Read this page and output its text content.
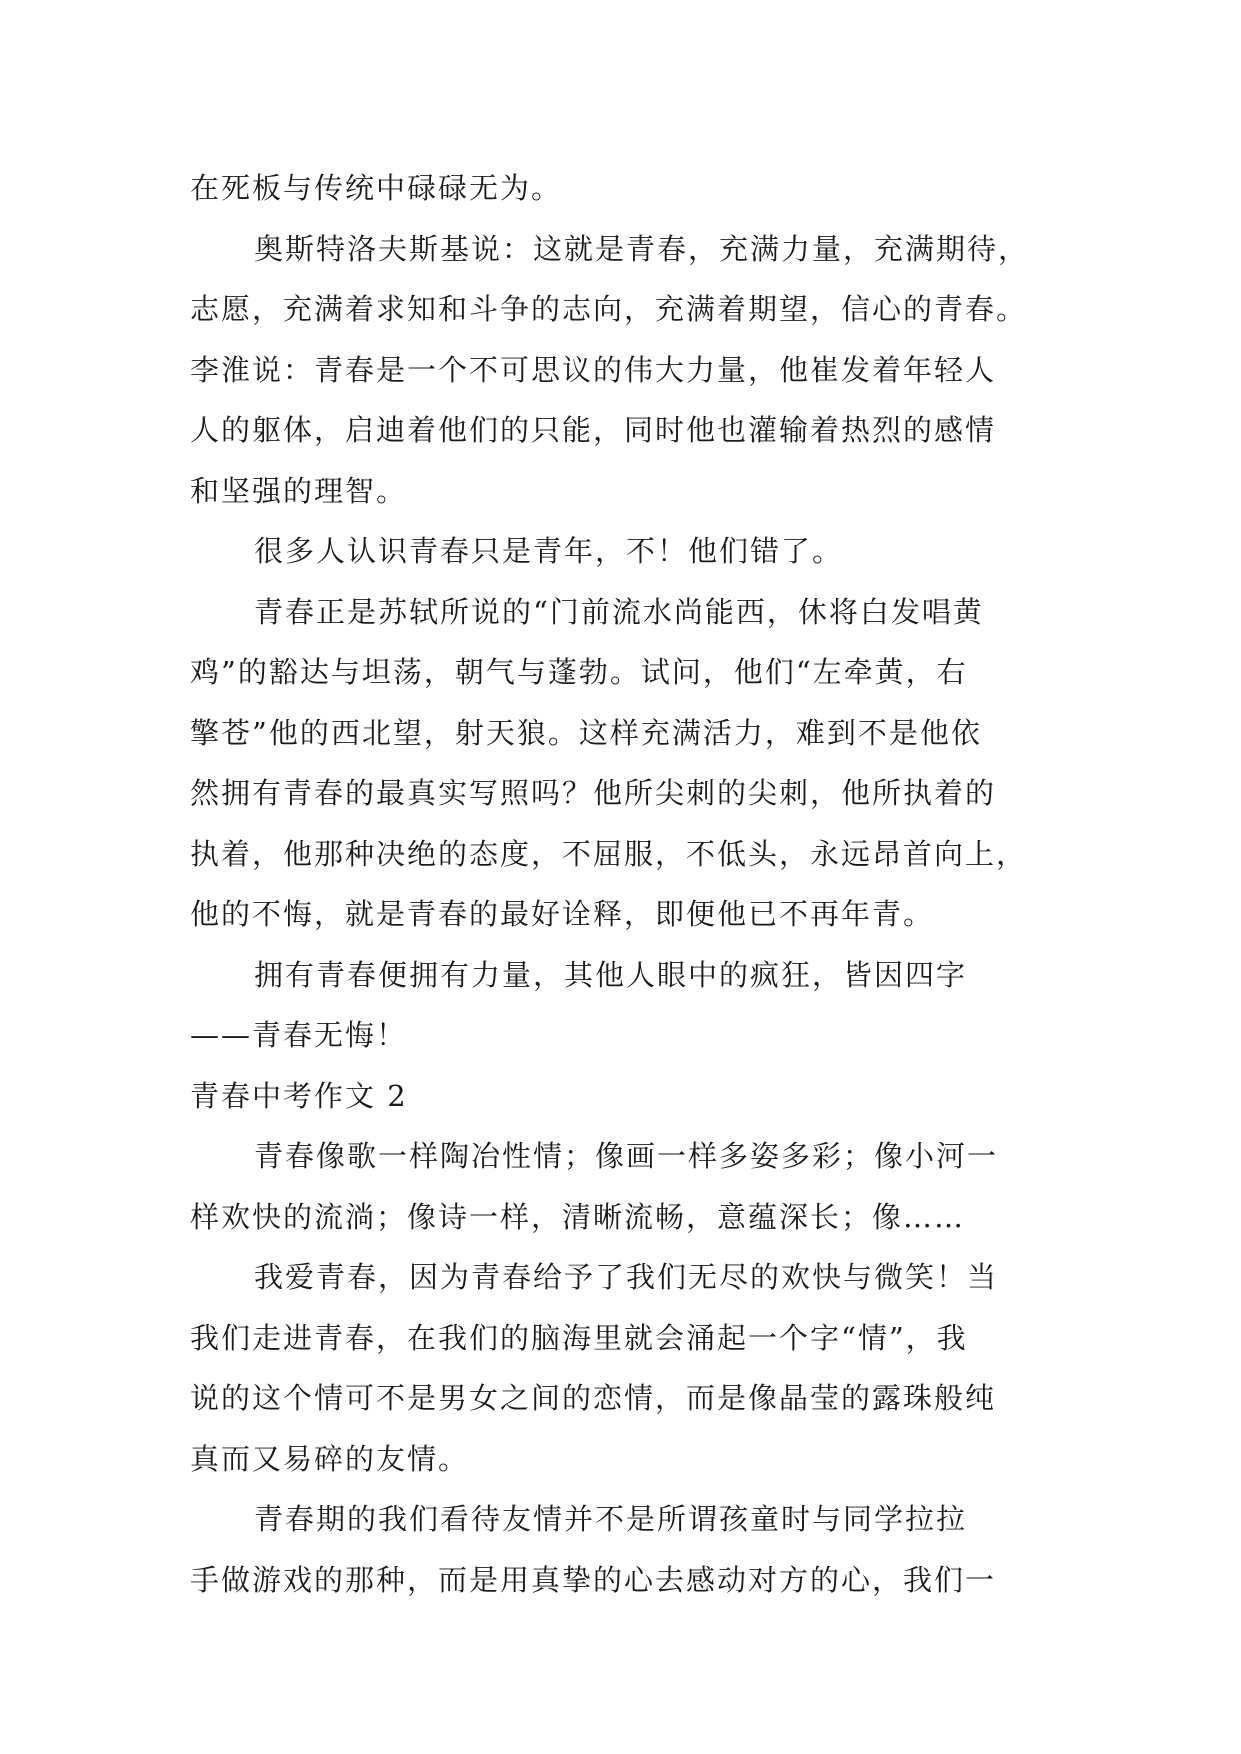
在死板与传统中碌碌无为。
奥斯特洛夫斯基说：这就是青春，充满力量，充满期待，
志愿，充满着求知和斗争的志向，充满着期望，信心的青春。
李淮说：青春是一个不可思议的伟大力量，他崔发着年轻人
人的躯体，启迪着他们的只能，同时他也灌输着热烈的感情
和坚强的理智。
很多人认识青春只是青年，不！他们错了。
青春正是苏轼所说的“门前流水尚能西，休将白发唱黄
鸡”的豁达与坦荡，朝气与蓬勃。试问，他们“左牵黄，右
擎苍”他的西北望，射天狼。这样充满活力，难到不是他依
然拥有青春的最真实写照吗？他所尖刺的尖刺，他所执着的
执着，他那种决绝的态度，不屈服，不低头，永远昂首向上，
他的不悔，就是青春的最好诠释，即便他已不再年青。
拥有青春便拥有力量，其他人眼中的疯狂，皆因四字
——青春无悔！
青春中考作文 2
青春像歌一样陶冶性情；像画一样多姿多彩；像小河一
样欢快的流淌；像诗一样，清晰流畅，意蕴深长；像……
我爱青春，因为青春给予了我们无尽的欢快与微笑！当
我们走进青春，在我们的脑海里就会涌起一个字“情”，我
说的这个情可不是男女之间的恋情，而是像晶莹的露珠般纯
真而又易碎的友情。
青春期的我们看待友情并不是所谓孩童时与同学拉拉
手做游戏的那种，而是用真挚的心去感动对方的心，我们一
